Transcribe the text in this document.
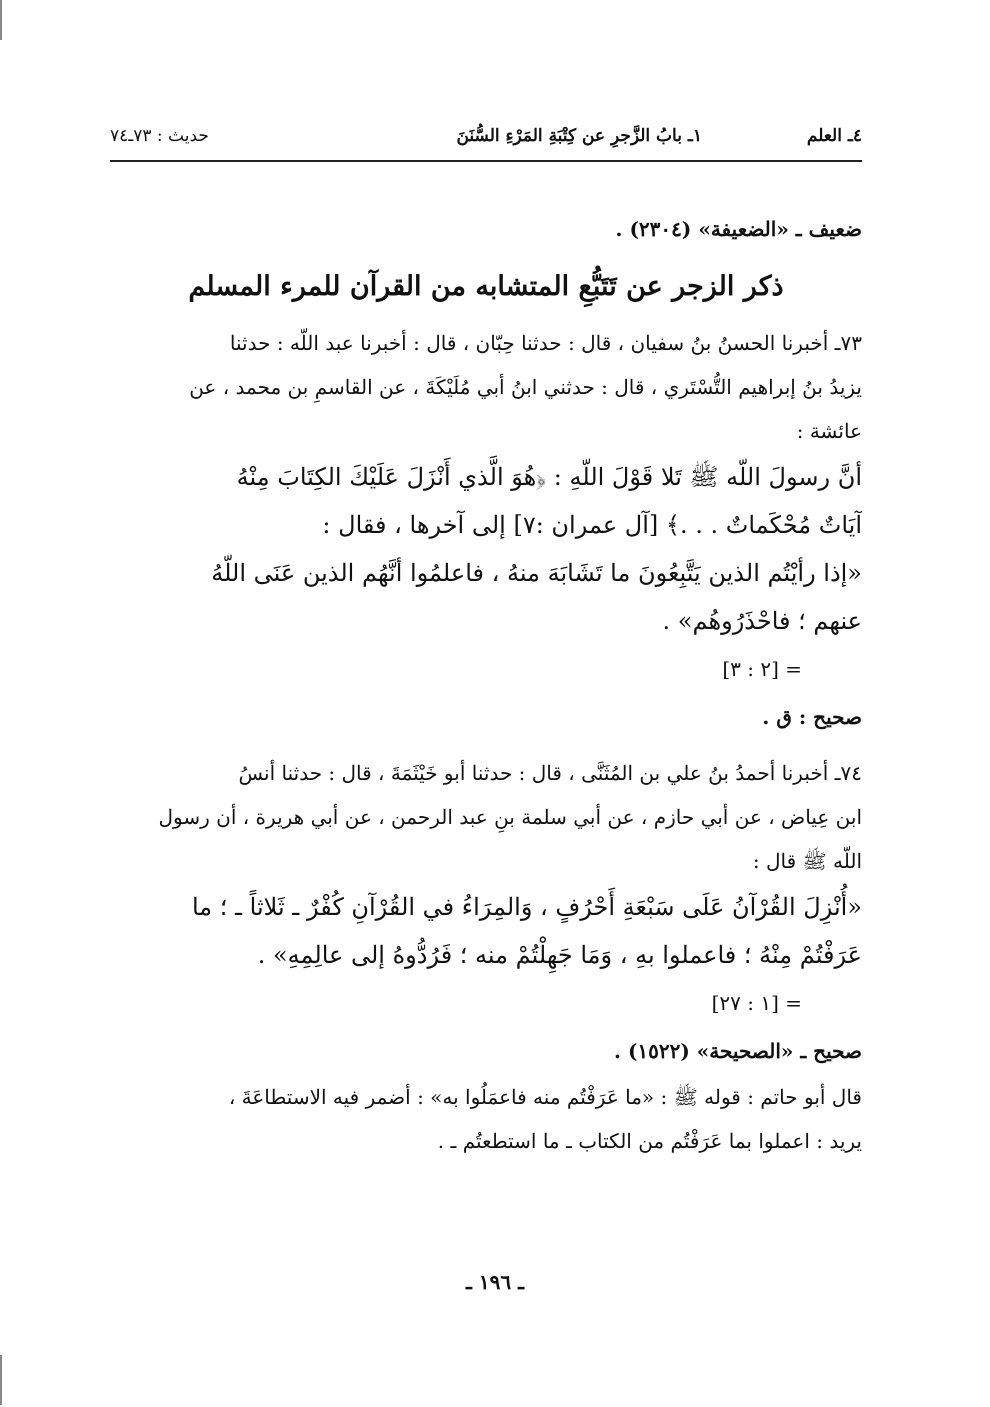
٤ـ العلم
١ـ بابُ الزَّجرِ عن كِتْبَةِ المَرْءِ السُّنَنَ
حديث : ٧٣ـ٧٤

ضعيف ـ «الضعيفة» (٢٣٠٤) .

ذكر الزجر عن تَتَبُّعِ المتشابه من القرآن للمرء المسلم

٧٣ـ أخبرنا الحسنُ بنُ سفيان ، قال : حدثنا حِبّان ، قال : أخبرنا عبد اللّه : حدثنا

يزيدُ بنُ إبراهيم التُّسْتَري ، قال : حدثني ابنُ أبي مُلَيْكَةَ ، عن القاسمِ بن محمد ، عن

عائشة :

أنَّ رسولَ اللّه ﷺ تَلا قَوْلَ اللّهِ : ﴿هُوَ الَّذي أَنْزَلَ عَلَيْكَ الكِتَابَ مِنْهُ

آيَاتٌ مُحْكَماتٌ . . .﴾ [آل عمران :٧] إلى آخرها ، فقال :

«إذا رأيْتُم الذين يَتَّبِعُونَ ما تَشَابَهَ منهُ ، فاعلمُوا أنَّهُم الذين عَنَى اللّهُ

عنهم ؛ فاحْذَرُوهُم» .

= [٢ : ٣]

صحيح : ق .

٧٤ـ أخبرنا أحمدُ بنُ علي بن المُثَنَّى ، قال : حدثنا أبو خَيْثَمَةَ ، قال : حدثنا أنسُ

ابن عِياض ، عن أبي حازم ، عن أبي سلمة بنِ عبد الرحمن ، عن أبي هريرة ، أن رسول

اللّه ﷺ قال :

«أُنْزِلَ القُرْآنُ عَلَى سَبْعَةِ أَحْرُفٍ ، وَالمِرَاءُ في القُرْآنِ كُفْرٌ ـ ثَلاثاً ـ ؛ ما

عَرَفْتُمْ مِنْهُ ؛ فاعملوا بهِ ، وَمَا جَهِلْتُمْ منه ؛ فَرُدُّوهُ إلى عالِمِهِ» .

= [١ : ٢٧]

صحيح ـ «الصحيحة» (١٥٢٢) .

قال أبو حاتم : قوله ﷺ : «ما عَرَفْتُم منه فاعمَلُوا به» : أضمر فيه الاستطاعَةَ ،

يريد : اعملوا بما عَرَفْتُم من الكتاب ـ ما استطعتُم ـ .

ـ ١٩٦ ـ
